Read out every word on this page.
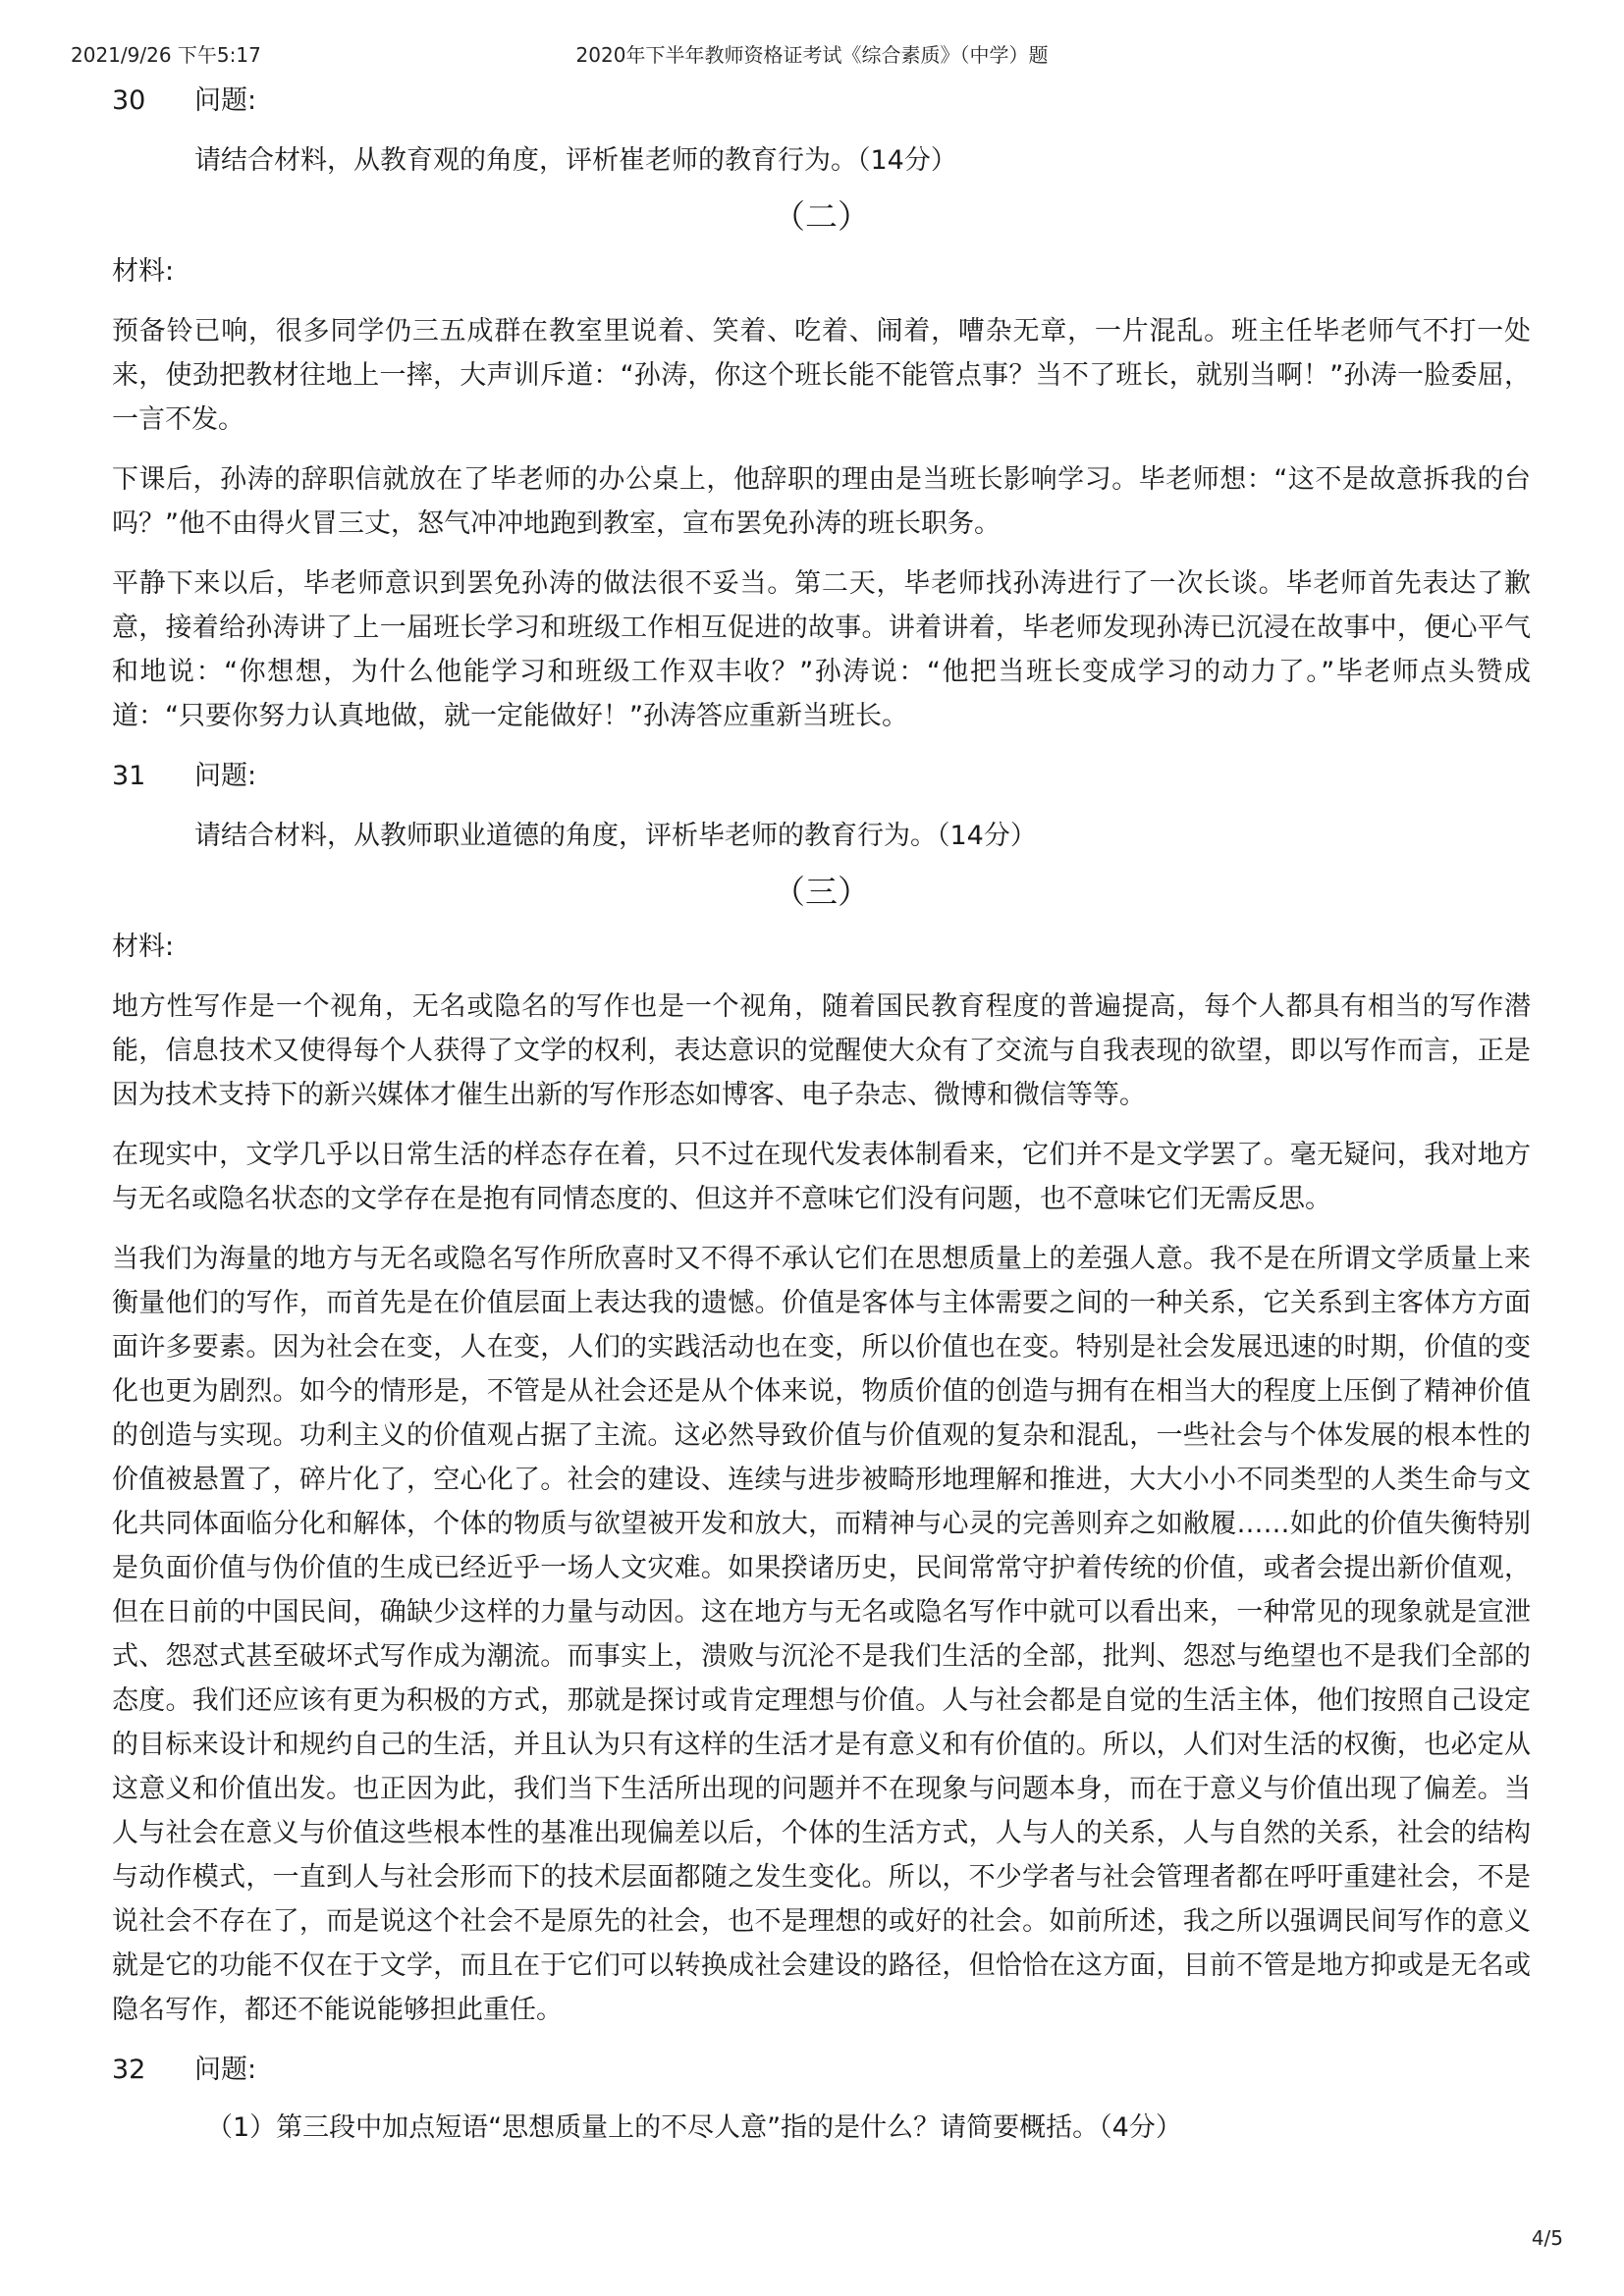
2021/9/26 下午5:17	2020年下半年教师资格证考试《综合素质》（中学）题
30	问题:
请结合材料，从教育观的角度，评析崔老师的教育行为。（14分）
（二）
材料:

预备铃已响，很多同学仍三五成群在教室里说着、笑着、吃着、闹着，嘈杂无章，一片混乱。班主任毕老师气不打一处来，使劲把教材往地上一摔，大声训斥道：“孙涛，你这个班长能不能管点事？当不了班长，就别当啊！”孙涛一脸委屈，一言不发。

下课后，孙涛的辞职信就放在了毕老师的办公桌上，他辞职的理由是当班长影响学习。毕老师想：“这不是故意拆我的台吗？”他不由得火冒三丈，怒气冲冲地跑到教室，宣布罢免孙涛的班长职务。

平静下来以后，毕老师意识到罢免孙涛的做法很不妥当。第二天，毕老师找孙涛进行了一次长谈。毕老师首先表达了歉意，接着给孙涛讲了上一届班长学习和班级工作相互促进的故事。讲着讲着，毕老师发现孙涛已沉浸在故事中，便心平气和地说：“你想想，为什么他能学习和班级工作双丰收？”孙涛说：“他把当班长变成学习的动力了。”毕老师点头赞成道：“只要你努力认真地做，就一定能做好！”孙涛答应重新当班长。

31	问题:
请结合材料，从教师职业道德的角度，评析毕老师的教育行为。（14分）
（三）
材料:

地方性写作是一个视角，无名或隐名的写作也是一个视角，随着国民教育程度的普遍提高，每个人都具有相当的写作潜能，信息技术又使得每个人获得了文学的权利，表达意识的觉醒使大众有了交流与自我表现的欲望，即以写作而言，正是因为技术支持下的新兴媒体才催生出新的写作形态如博客、电子杂志、微博和微信等等。

在现实中，文学几乎以日常生活的样态存在着，只不过在现代发表体制看来，它们并不是文学罢了。毫无疑问，我对地方与无名或隐名状态的文学存在是抱有同情态度的、但这并不意味它们没有问题，也不意味它们无需反思。

当我们为海量的地方与无名或隐名写作所欣喜时又不得不承认它们在思想质量上的差强人意。我不是在所谓文学质量上来衡量他们的写作，而首先是在价值层面上表达我的遗憾。价值是客体与主体需要之间的一种关系，它关系到主客体方方面面许多要素。因为社会在变，人在变，人们的实践活动也在变，所以价值也在变。特别是社会发展迅速的时期，价值的变化也更为剧烈。如今的情形是，不管是从社会还是从个体来说，物质价值的创造与拥有在相当大的程度上压倒了精神价值的创造与实现。功利主义的价值观占据了主流。这必然导致价值与价值观的复杂和混乱，一些社会与个体发展的根本性的价值被悬置了，碎片化了，空心化了。社会的建设、连续与进步被畸形地理解和推进，大大小小不同类型的人类生命与文化共同体面临分化和解体，个体的物质与欲望被开发和放大，而精神与心灵的完善则弃之如敝履……如此的价值失衡特别是负面价值与伪价值的生成已经近乎一场人文灾难。如果揆诸历史，民间常常守护着传统的价值，或者会提出新价值观，但在日前的中国民间，确缺少这样的力量与动因。这在地方与无名或隐名写作中就可以看出来，一种常见的现象就是宣泄式、怨怼式甚至破坏式写作成为潮流。而事实上，溃败与沉沦不是我们生活的全部，批判、怨怼与绝望也不是我们全部的态度。我们还应该有更为积极的方式，那就是探讨或肯定理想与价值。人与社会都是自觉的生活主体，他们按照自己设定的目标来设计和规约自己的生活，并且认为只有这样的生活才是有意义和有价值的。所以，人们对生活的权衡，也必定从这意义和价值出发。也正因为此，我们当下生活所出现的问题并不在现象与问题本身，而在于意义与价值出现了偏差。当人与社会在意义与价值这些根本性的基准出现偏差以后，个体的生活方式，人与人的关系，人与自然的关系，社会的结构与动作模式，一直到人与社会形而下的技术层面都随之发生变化。所以，不少学者与社会管理者都在呼吁重建社会，不是说社会不存在了，而是说这个社会不是原先的社会，也不是理想的或好的社会。如前所述，我之所以强调民间写作的意义就是它的功能不仅在于文学，而且在于它们可以转换成社会建设的路径，但恰恰在这方面，目前不管是地方抑或是无名或隐名写作，都还不能说能够担此重任。

32	问题:
（1）第三段中加点短语“思想质量上的不尽人意”指的是什么？请简要概括。（4分）
4/5
